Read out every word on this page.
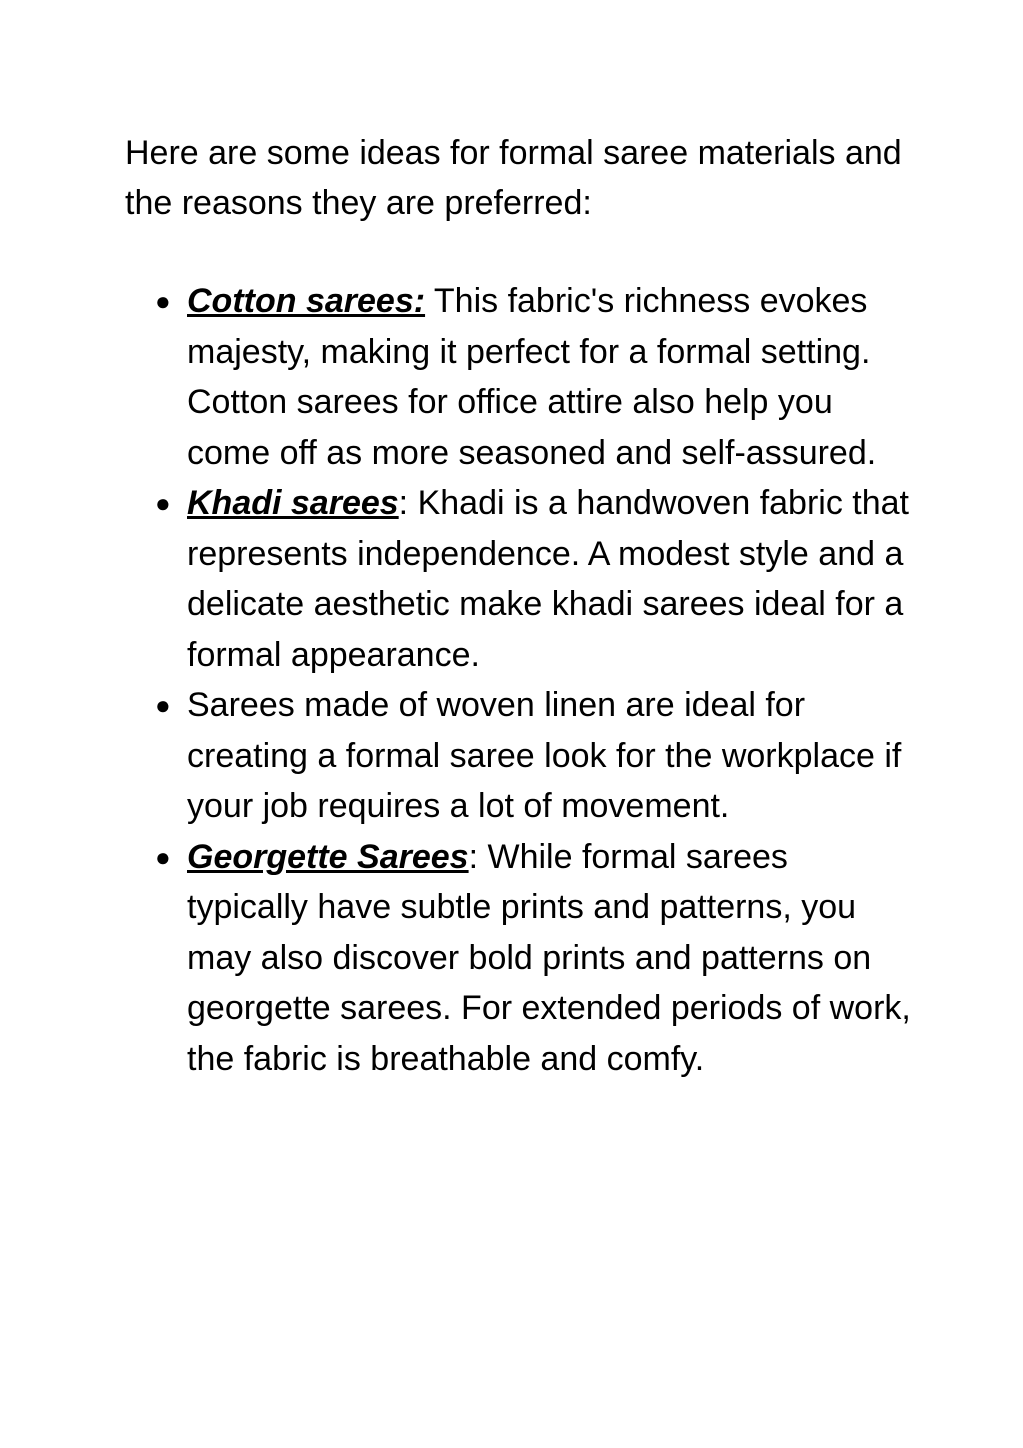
Here are some ideas for formal saree materials and the reasons they are preferred:

● Cotton sarees: This fabric's richness evokes majesty, making it perfect for a formal setting. Cotton sarees for office attire also help you come off as more seasoned and self-assured.
● Khadi sarees: Khadi is a handwoven fabric that represents independence. A modest style and a delicate aesthetic make khadi sarees ideal for a formal appearance.
● Sarees made of woven linen are ideal for creating a formal saree look for the workplace if your job requires a lot of movement.
● Georgette Sarees: While formal sarees typically have subtle prints and patterns, you may also discover bold prints and patterns on georgette sarees. For extended periods of work, the fabric is breathable and comfy.
